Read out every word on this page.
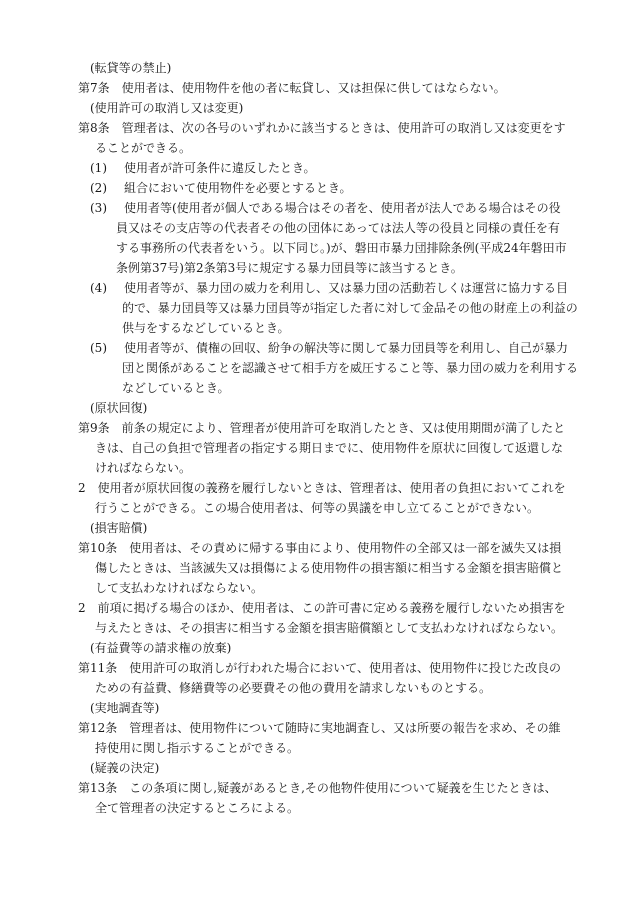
(転貸等の禁止)
第7条 使用者は、使用物件を他の者に転貸し、又は担保に供してはならない。
(使用許可の取消し又は変更)
第8条 管理者は、次の各号のいずれかに該当するときは、使用許可の取消し又は変更をす
ることができる。
(1) 使用者が許可条件に違反したとき。
(2) 組合において使用物件を必要とするとき。
(3) 使用者等(使用者が個人である場合はその者を、使用者が法人である場合はその役
員又はその支店等の代表者その他の団体にあっては法人等の役員と同様の責任を有
する事務所の代表者をいう。以下同じ。)が、磐田市暴力団排除条例(平成24年磐田市
条例第37号)第2条第3号に規定する暴力団員等に該当するとき。
(4) 使用者等が、暴力団の威力を利用し、又は暴力団の活動若しくは運営に協力する目
的で、暴力団員等又は暴力団員等が指定した者に対して金品その他の財産上の利益の
供与をするなどしているとき。
(5) 使用者等が、債権の回収、紛争の解決等に関して暴力団員等を利用し、自己が暴力
団と関係があることを認識させて相手方を威圧すること等、暴力団の威力を利用する
などしているとき。
(原状回復)
第9条 前条の規定により、管理者が使用許可を取消したとき、又は使用期間が満了したと
きは、自己の負担で管理者の指定する期日までに、使用物件を原状に回復して返還しな
ければならない。
2 使用者が原状回復の義務を履行しないときは、管理者は、使用者の負担においてこれを
行うことができる。この場合使用者は、何等の異議を申し立てることができない。
(損害賠償)
第10条 使用者は、その責めに帰する事由により、使用物件の全部又は一部を滅失又は損
傷したときは、当該滅失又は損傷による使用物件の損害額に相当する金額を損害賠償と
して支払わなければならない。
2 前項に掲げる場合のほか、使用者は、この許可書に定める義務を履行しないため損害を
与えたときは、その損害に相当する金額を損害賠償額として支払わなければならない。
(有益費等の請求権の放棄)
第11条 使用許可の取消しが行われた場合において、使用者は、使用物件に投じた改良の
ための有益費、修繕費等の必要費その他の費用を請求しないものとする。
(実地調査等)
第12条 管理者は、使用物件について随時に実地調査し、又は所要の報告を求め、その維
持使用に関し指示することができる。
(疑義の決定)
第13条 この条項に関し,疑義があるとき,その他物件使用について疑義を生じたときは、
全て管理者の決定するところによる。
